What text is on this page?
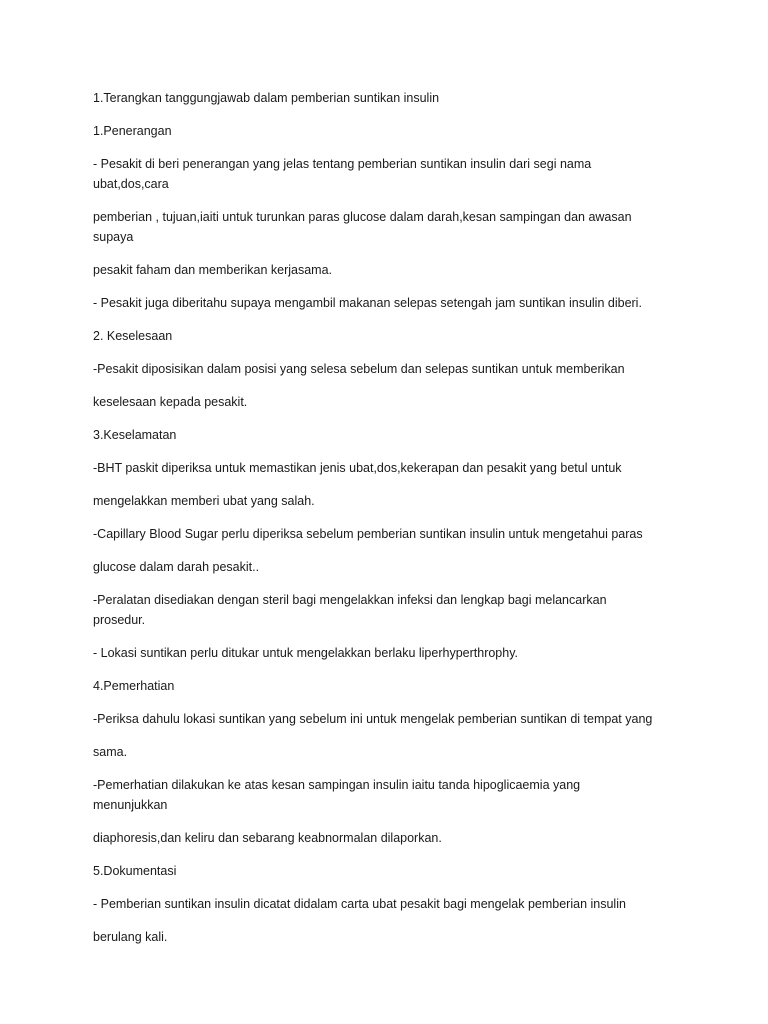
1.Terangkan tanggungjawab dalam pemberian suntikan insulin
1.Penerangan
- Pesakit di beri penerangan yang jelas tentang pemberian suntikan insulin dari segi nama
ubat,dos,cara
pemberian , tujuan,iaiti untuk turunkan paras glucose dalam darah,kesan sampingan dan awasan
supaya
pesakit faham dan memberikan kerjasama.
- Pesakit juga diberitahu supaya mengambil makanan selepas setengah jam suntikan insulin diberi.
2. Keselesaan
-Pesakit diposisikan dalam posisi yang selesa sebelum dan selepas suntikan untuk memberikan
keselesaan kepada pesakit.
3.Keselamatan
-BHT paskit diperiksa untuk memastikan jenis ubat,dos,kekerapan dan pesakit yang betul untuk
mengelakkan memberi ubat yang salah.
-Capillary Blood Sugar perlu diperiksa sebelum pemberian suntikan insulin untuk mengetahui paras
glucose dalam darah pesakit..
-Peralatan disediakan dengan steril bagi mengelakkan infeksi dan lengkap bagi melancarkan
prosedur.
- Lokasi suntikan perlu ditukar untuk mengelakkan berlaku liperhyperthrophy.
4.Pemerhatian
-Periksa dahulu lokasi suntikan yang sebelum ini untuk mengelak pemberian suntikan di tempat yang
sama.
-Pemerhatian dilakukan ke atas kesan sampingan insulin iaitu tanda hipoglicaemia yang
menunjukkan
diaphoresis,dan keliru dan sebarang keabnormalan dilaporkan.
5.Dokumentasi
- Pemberian suntikan insulin dicatat didalam carta ubat pesakit bagi mengelak pemberian insulin
berulang kali.
